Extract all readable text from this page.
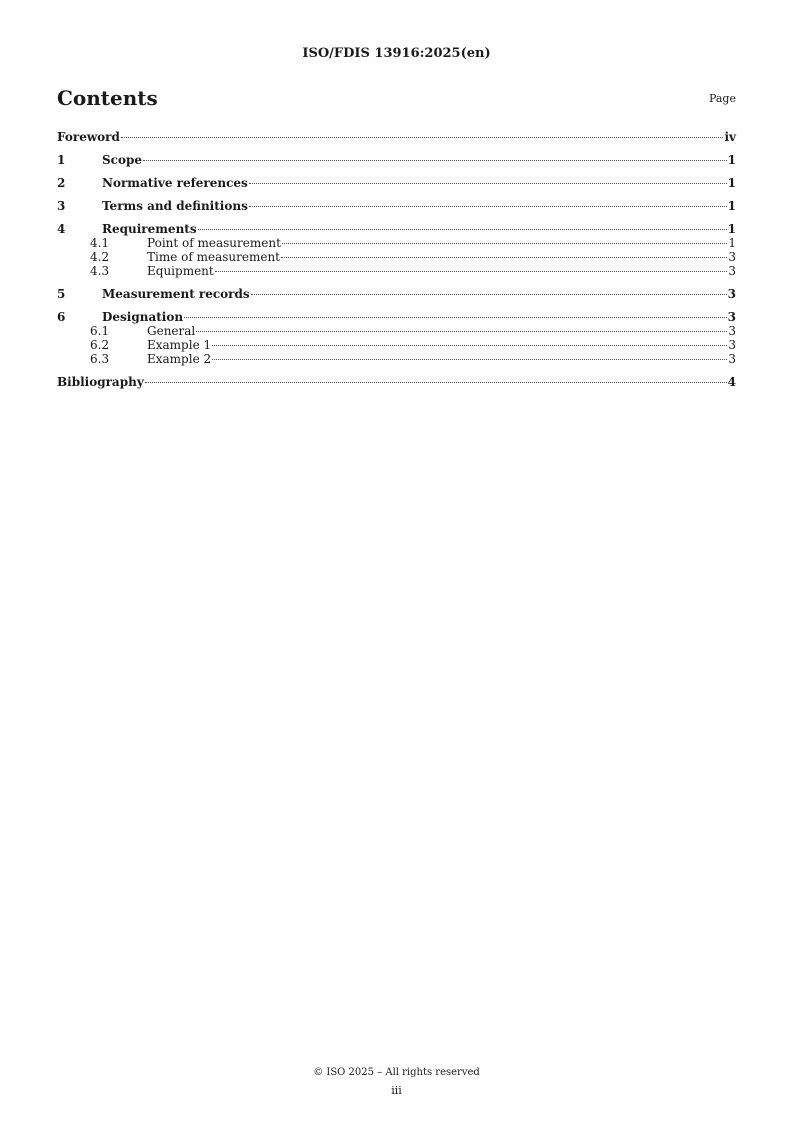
ISO/FDIS 13916:2025(en)
Contents	Page
Foreword	iv
1	Scope	1
2	Normative references	1
3	Terms and definitions	1
4	Requirements	1
4.1	Point of measurement	1
4.2	Time of measurement	3
4.3	Equipment	3
5	Measurement records	3
6	Designation	3
6.1	General	3
6.2	Example 1	3
6.3	Example 2	3
Bibliography	4
© ISO 2025 – All rights reserved
iii
